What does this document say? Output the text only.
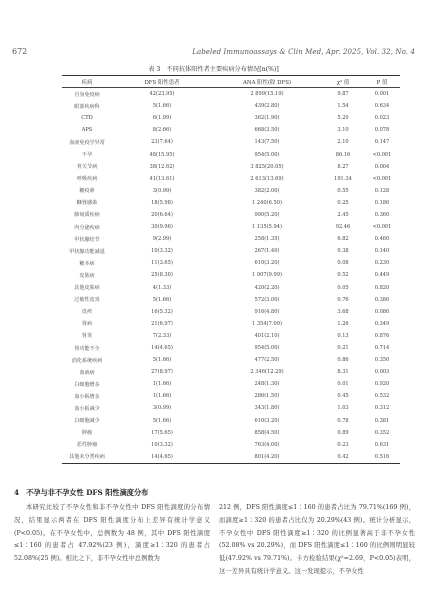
672	Labeled Immunoassays & Clin Med, Apr. 2025, Vol. 32, No. 4
表 3　不同抗体阳性者主要疾病分布情况[n(%)]
疾病	DFS 阳性患者	ANA 阳性(除 DFS)	χ² 值	P 值
自身免疫病	42(23.95)	2 899(15.19)	9.87	0.001
眼部疾病科	5(1.66)	439(2.80)	1.54	0.634
CTD	6(1.99)	362(1.90)	5.20	0.023
APS	8(2.66)	668(3.50)	3.10	0.078
血液免疫学异常	23(7.64)	143(7.50)	2.10	0.147
不孕	48(15.95)	954(5.00)	86.16	<0.001
骨关节病	38(12.62)	3 825(20.05)	8.27	0.004
呼吸疾病	41(13.61)	2 613(13.69)	191.34	<0.001
糖疫素	3(0.99)	382(2.00)	0.55	0.128
糠蓉感染	18(5.98)	1 240(6.50)	0.25	0.186
肺间质疾病	20(6.64)	990(5.20)	2.45	0.360
内分泌疾病	30(9.96)	1 135(5.94)	92.46	<0.001
甲状腺结节	9(2.99)	258(1.35)	6.82	0.460
甲状腺功能减退	10(3.32)	267(1.40)	0.38	0.140
糖本病	11(3.65)	610(3.20)	0.08	0.230
皮肤病	25(8.30)	1 907(9.99)	0.52	0.449
其他皮肤病	4(1.33)	420(2.20)	0.05	0.820
过敏性皮炎	5(1.66)	572(3.00)	0.76	0.380
皮疹	16(5.32)	916(4.80)	3.68	0.080
肾病	21(6.97)	1 354(7.09)	1.26	0.349
肾炎	7(2.33)	401(2.10)	0.13	0.876
肾功能不全	14(4.65)	954(5.00)	0.21	0.714
消化系统疾病	5(1.66)	477(2.50)	0.86	0.350
血液病	27(8.97)	2 346(12.29)	8.31	0.003
白细胞增多	1(1.66)	248(1.30)	0.01	0.920
血小板增多	1(1.66)	286(1.50)	0.45	0.532
血小板减少	3(0.99)	343(1.80)	1.03	0.312
白细胞减少	5(1.66)	610(3.20)	0.78	0.381
肿瘤	17(5.65)	858(4.50)	0.89	0.352
恶性肿瘤	10(3.32)	763(4.00)	0.23	0.631
其他未分类疾病	14(4.65)	801(4.20)	0.42	0.516
4　不孕与非不孕女性 DFS 阳性滴度分布
本研究比较了不孕女性和非不孕女性中 DFS 阳性滴度的分布情况，结果显示两者在 DFS 阳性滴度分布上差异有统计学意义(P<0.05)。在不孕女性中，总例数为 48 例，其中 DFS 阳性滴度≤1∶160 的患者占 47.92%(23 例)，滴度≥1∶320 的患者占 52.08%(25 例)。相比之下，非不孕女性中总例数为
212 例，DFS 阳性滴度≤1∶160 的患者占比为 79.71%(169 例)，而滴度≥1∶320 的患者占比仅为 20.29%(43 例)。统计分析显示，不孕女性中 DFS 阳性滴度≥1∶320 的比例显著高于非不孕女性(52.08% vs 20.29%)，而 DFS 阳性滴度≤1∶160 的比例则明显较低(47.92% vs 79.71%)。卡方检验结果(χ²=2.69，P<0.05)表明，这一差异具有统计学意义。这一发现提示，不孕女性
